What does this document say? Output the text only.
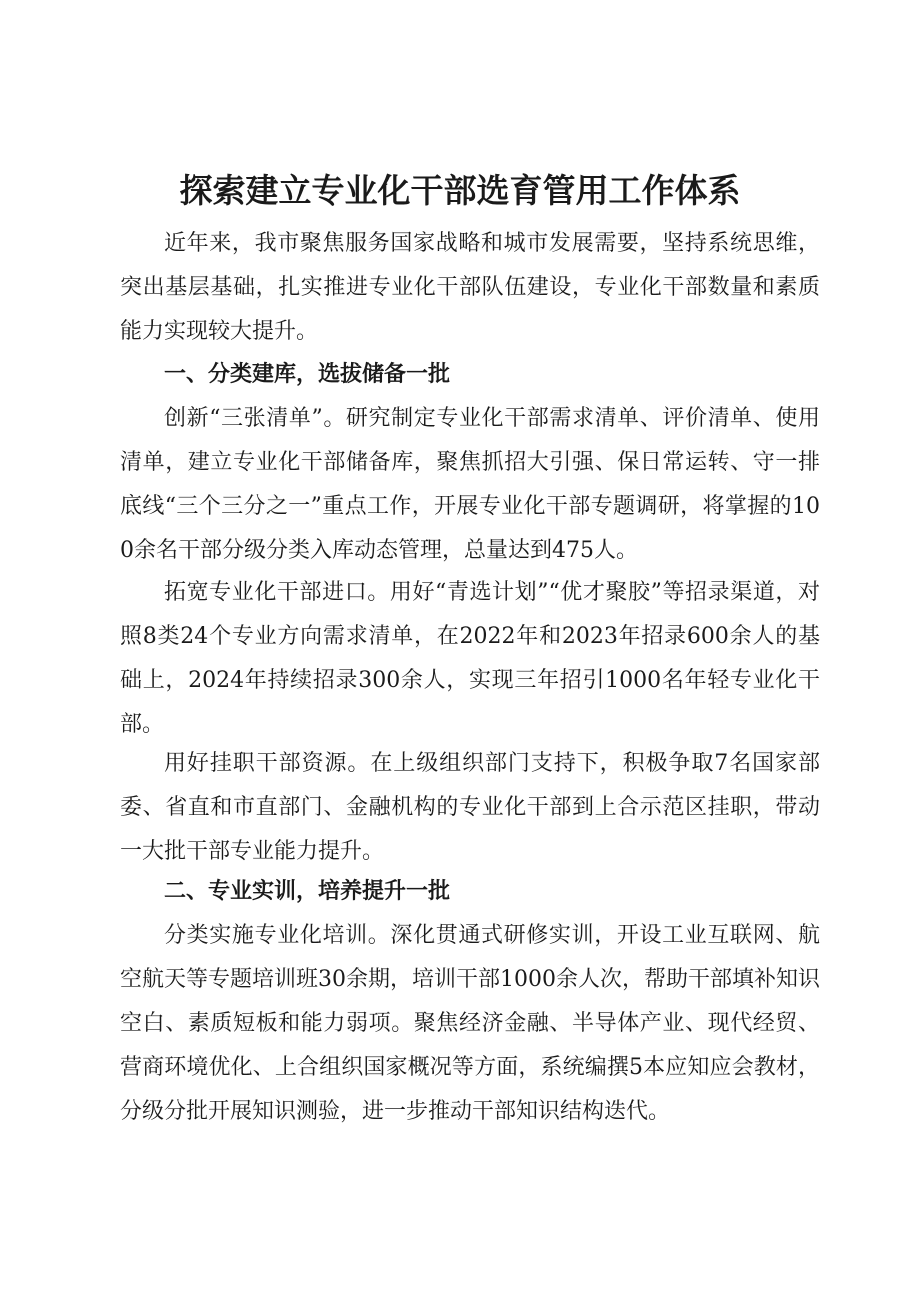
探索建立专业化干部选育管用工作体系

近年来，我市聚焦服务国家战略和城市发展需要，坚持系统思维，突出基层基础，扎实推进专业化干部队伍建设，专业化干部数量和素质能力实现较大提升。

一、分类建库，选拔储备一批

创新“三张清单”。研究制定专业化干部需求清单、评价清单、使用清单，建立专业化干部储备库，聚焦抓招大引强、保日常运转、守一排底线“三个三分之一”重点工作，开展专业化干部专题调研，将掌握的100余名干部分级分类入库动态管理，总量达到475人。

拓宽专业化干部进口。用好“青选计划”“优才聚胶”等招录渠道，对照8类24个专业方向需求清单，在2022年和2023年招录600余人的基础上，2024年持续招录300余人，实现三年招引1000名年轻专业化干部。

用好挂职干部资源。在上级组织部门支持下，积极争取7名国家部委、省直和市直部门、金融机构的专业化干部到上合示范区挂职，带动一大批干部专业能力提升。

二、专业实训，培养提升一批

分类实施专业化培训。深化贯通式研修实训，开设工业互联网、航空航天等专题培训班30余期，培训干部1000余人次，帮助干部填补知识空白、素质短板和能力弱项。聚焦经济金融、半导体产业、现代经贸、营商环境优化、上合组织国家概况等方面，系统编撰5本应知应会教材，分级分批开展知识测验，进一步推动干部知识结构迭代。
